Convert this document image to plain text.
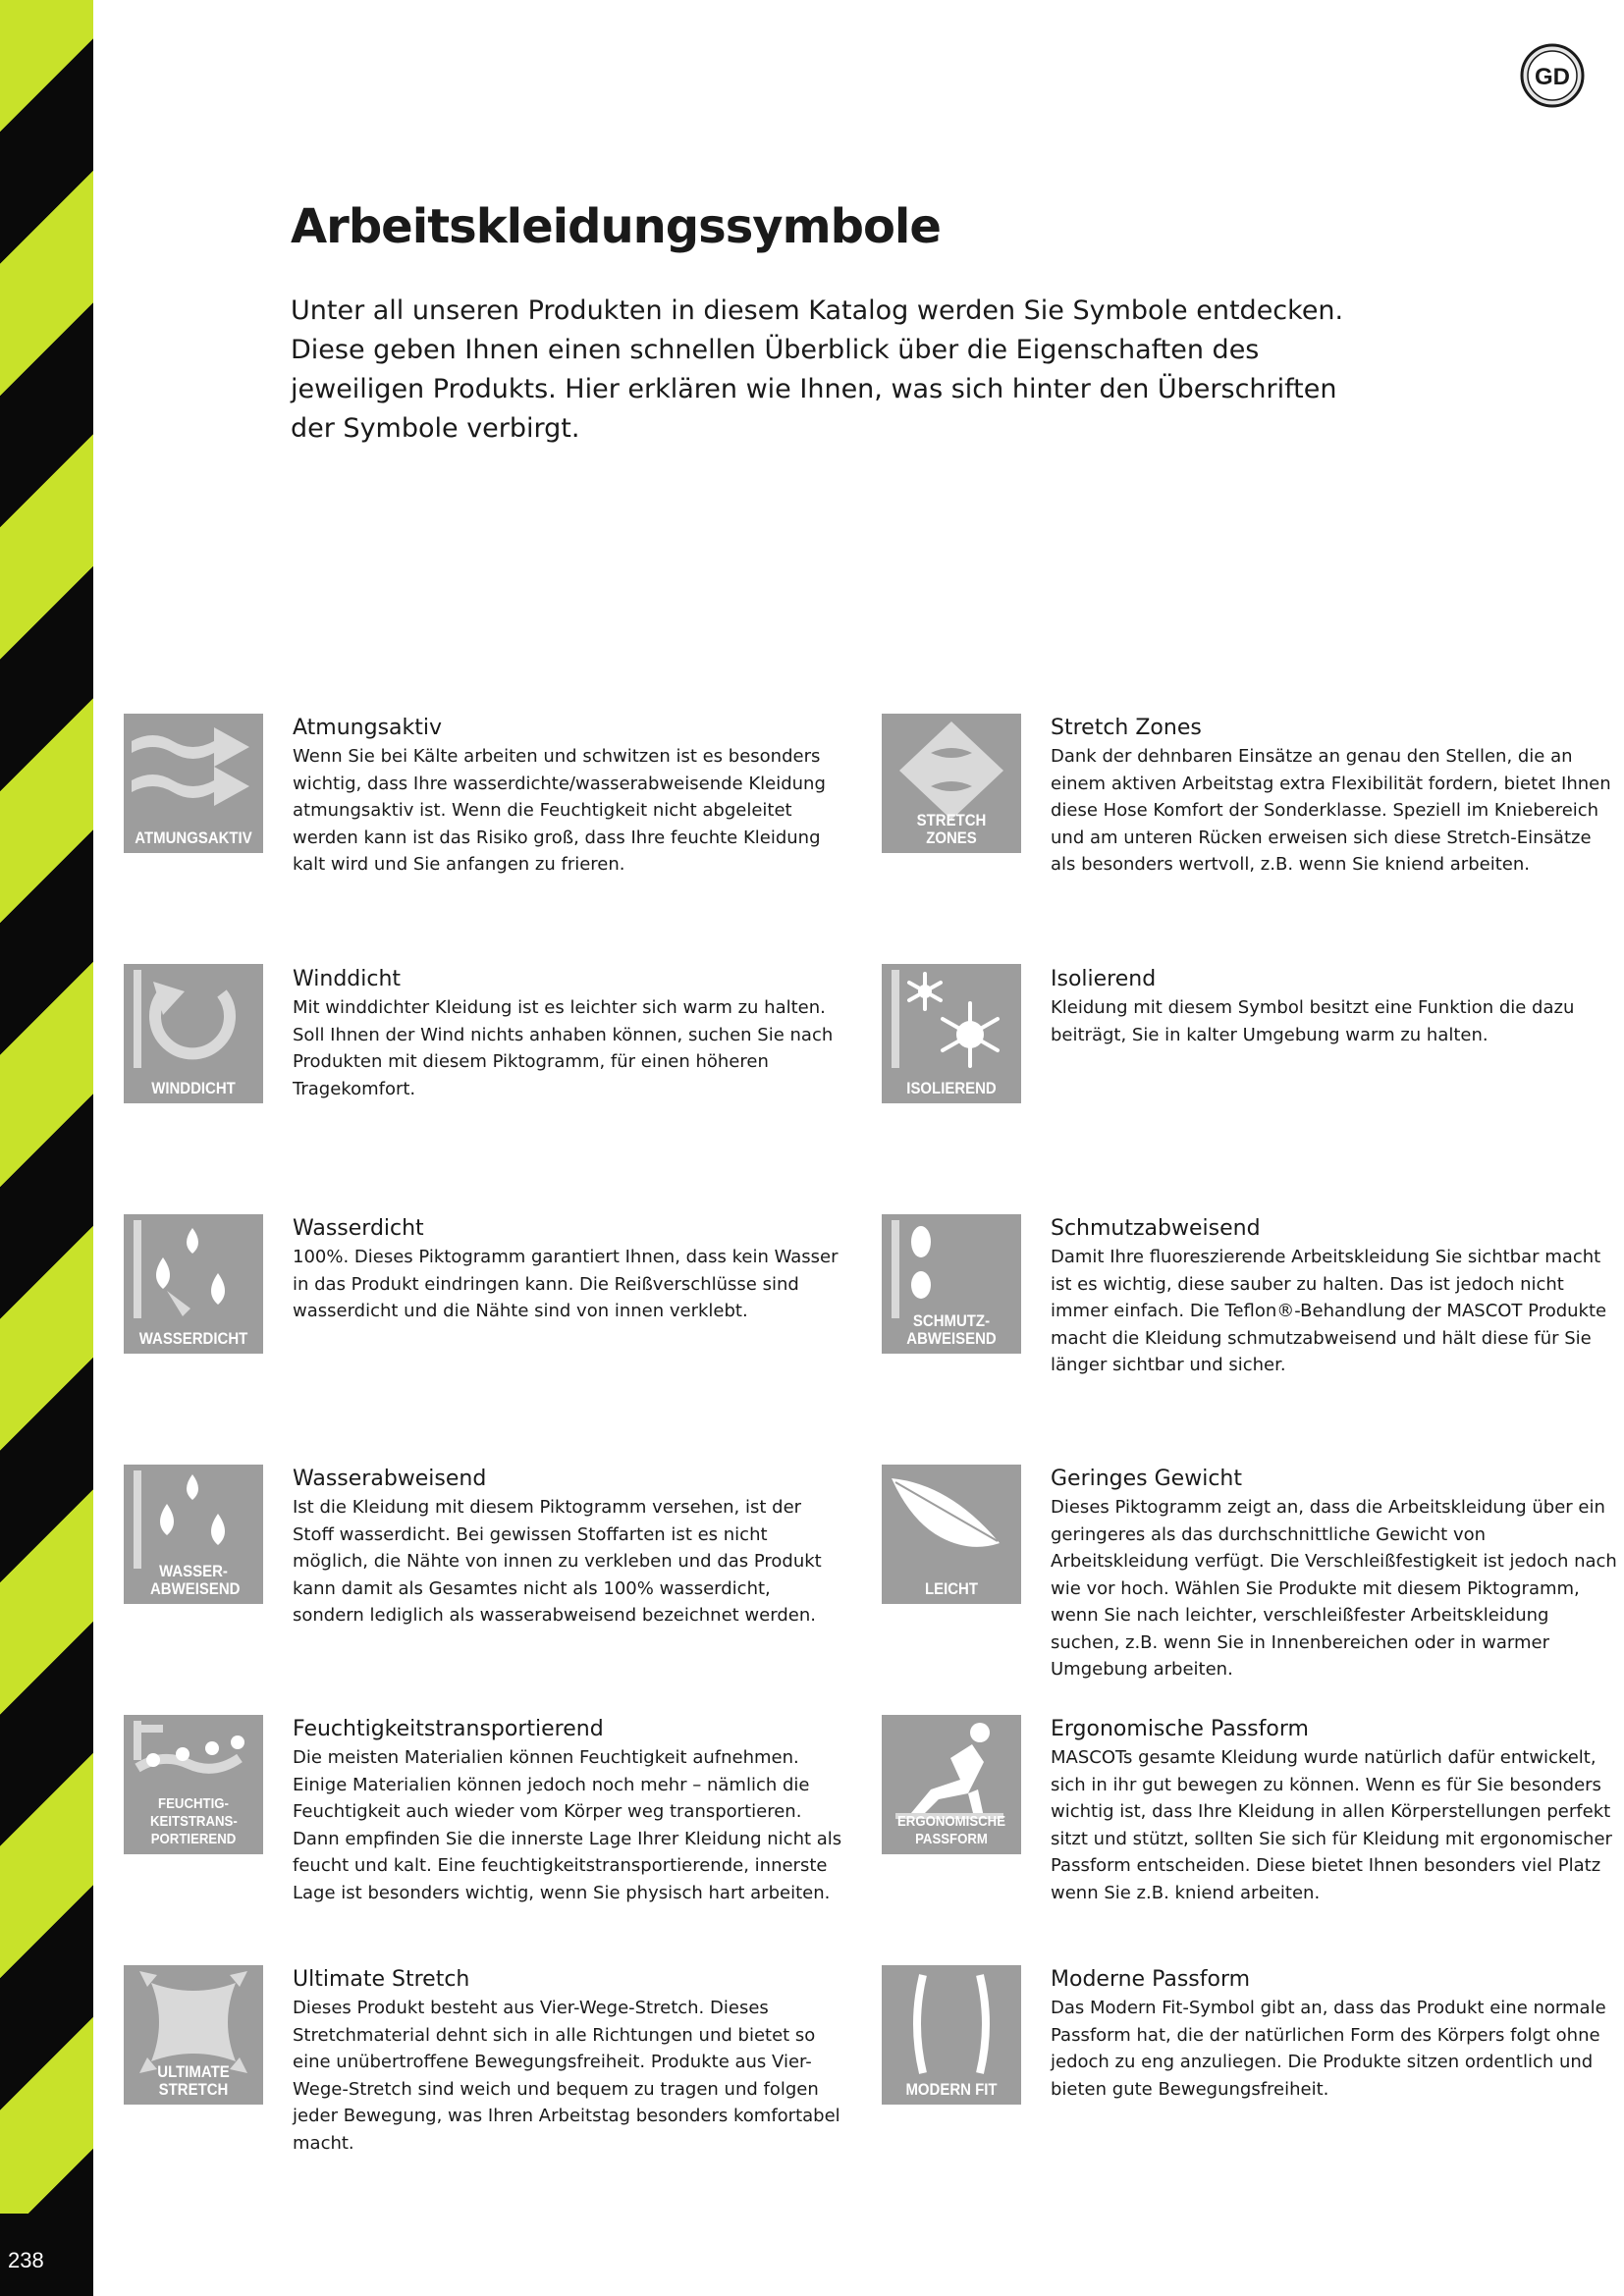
238
GD
Arbeitskleidungssymbole

Unter all unseren Produkten in diesem Katalog werden Sie Symbole entdecken. Diese geben Ihnen einen schnellen Überblick über die Eigenschaften des jeweiligen Produkts. Hier erklären wie Ihnen, was sich hinter den Überschriften der Symbole verbirgt.

ATMUNGSAKTIV
Atmungsaktiv

Wenn Sie bei Kälte arbeiten und schwitzen ist es besonders wichtig, dass Ihre wasserdichte/wasserabweisende Kleidung atmungsaktiv ist. Wenn die Feuchtigkeit nicht abgeleitet werden kann ist das Risiko groß, dass Ihre feuchte Kleidung kalt wird und Sie anfangen zu frieren.

STRETCH ZONES
Stretch Zones

Dank der dehnbaren Einsätze an genau den Stellen, die an einem aktiven Arbeitstag extra Flexibilität fordern, bietet Ihnen diese Hose Komfort der Sonderklasse. Speziell im Kniebereich und am unteren Rücken erweisen sich diese Stretch-Einsätze als besonders wertvoll, z.B. wenn Sie kniend arbeiten.

WINDDICHT
Winddicht

Mit winddichter Kleidung ist es leichter sich warm zu halten. Soll Ihnen der Wind nichts anhaben können, suchen Sie nach Produkten mit diesem Piktogramm, für einen höheren Tragekomfort.	ISOLIEREND
Isolierend

Kleidung mit diesem Symbol besitzt eine Funktion die dazu beiträgt, Sie in kalter Umgebung warm zu halten.

WASSERDICHT
Wasserdicht

100%. Dieses Piktogramm garantiert Ihnen, dass kein Wasser in das Produkt eindringen kann. Die Reißverschlüsse sind wasserdicht und die Nähte sind von innen verklebt.	SCHMUTZ-ABWEISEND
Schmutzabweisend

Damit Ihre fluoreszierende Arbeitskleidung Sie sichtbar macht ist es wichtig, diese sauber zu halten. Das ist jedoch nicht immer einfach. Die Teflon®-Behandlung der MASCOT Produkte macht die Kleidung schmutzabweisend und hält diese für Sie länger sichtbar und sicher.

WASSER-ABWEISEND
Wasserabweisend

Ist die Kleidung mit diesem Piktogramm versehen, ist der Stoff wasserdicht. Bei gewissen Stoffarten ist es nicht möglich, die Nähte von innen zu verkleben und das Produkt kann damit als Gesamtes nicht als 100% wasserdicht, sondern lediglich als wasserabweisend bezeichnet werden.

LEICHT
Geringes Gewicht

Dieses Piktogramm zeigt an, dass die Arbeitskleidung über ein geringeres als das durchschnittliche Gewicht von Arbeitskleidung verfügt. Die Verschleißfestigkeit ist jedoch nach wie vor hoch. Wählen Sie Produkte mit diesem Piktogramm, wenn Sie nach leichter, verschleißfester Arbeitskleidung suchen, z.B. wenn Sie in Innenbereichen oder in warmer Umgebung arbeiten.

FEUCHTIG-KEITSTRANS-PORTIEREND
Feuchtigkeitstransportierend

Die meisten Materialien können Feuchtigkeit aufnehmen. Einige Materialien können jedoch noch mehr – nämlich die Feuchtigkeit auch wieder vom Körper weg transportieren. Dann empfinden Sie die innerste Lage Ihrer Kleidung nicht als feucht und kalt. Eine feuchtigkeitstransportierende, innerste Lage ist besonders wichtig, wenn Sie physisch hart arbeiten.

ERGONOMISCHE PASSFORM
Ergonomische Passform

MASCOTs gesamte Kleidung wurde natürlich dafür entwickelt, sich in ihr gut bewegen zu können. Wenn es für Sie besonders wichtig ist, dass Ihre Kleidung in allen Körperstellungen perfekt sitzt und stützt, sollten Sie sich für Kleidung mit ergonomischer Passform entscheiden. Diese bietet Ihnen besonders viel Platz wenn Sie z.B. kniend arbeiten.

ULTIMATE STRETCH
Ultimate Stretch

Dieses Produkt besteht aus Vier-Wege-Stretch. Dieses Stretchmaterial dehnt sich in alle Richtungen und bietet so eine unübertroffene Bewegungsfreiheit. Produkte aus Vier-Wege-Stretch sind weich und bequem zu tragen und folgen jeder Bewegung, was Ihren Arbeitstag besonders komfortabel macht.

MODERN FIT
Moderne Passform

Das Modern Fit-Symbol gibt an, dass das Produkt eine normale Passform hat, die der natürlichen Form des Körpers folgt ohne jedoch zu eng anzuliegen. Die Produkte sitzen ordentlich und bieten gute Bewegungsfreiheit.
